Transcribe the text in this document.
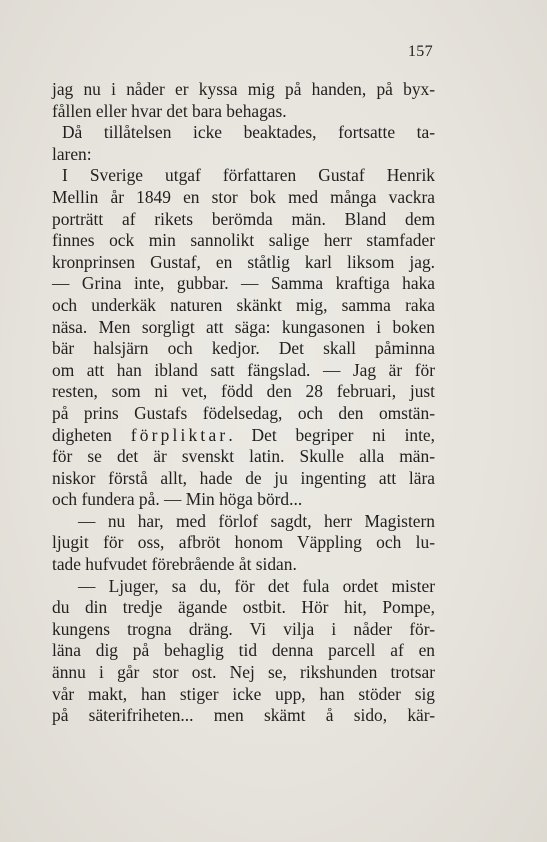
157
jag nu i nåder er kyssa mig på handen, på byx-
fållen eller hvar det bara behagas.
Då tillåtelsen icke beaktades, fortsatte ta-
laren:
I Sverige utgaf författaren Gustaf Henrik
Mellin år 1849 en stor bok med många vackra
porträtt af rikets berömda män. Bland dem
finnes ock min sannolikt salige herr stamfader
kronprinsen Gustaf, en ståtlig karl liksom jag.
— Grina inte, gubbar. — Samma kraftiga haka
och underkäk naturen skänkt mig, samma raka
näsa. Men sorgligt att säga: kungasonen i boken
bär halsjärn och kedjor. Det skall påminna
om att han ibland satt fängslad. — Jag är för
resten, som ni vet, född den 28 februari, just
på prins Gustafs födelsedag, och den omstän-
digheten förpliktar. Det begriper ni inte,
för se det är svenskt latin. Skulle alla män-
niskor förstå allt, hade de ju ingenting att lära
och fundera på. — Min höga börd...
— nu har, med förlof sagdt, herr Magistern
ljugit för oss, afbröt honom Väppling och lu-
tade hufvudet förebrående åt sidan.
— Ljuger, sa du, för det fula ordet mister
du din tredje ägande ostbit. Hör hit, Pompe,
kungens trogna dräng. Vi vilja i nåder för-
läna dig på behaglig tid denna parcell af en
ännu i går stor ost. Nej se, rikshunden trotsar
vår makt, han stiger icke upp, han stöder sig
på säterifriheten... men skämt å sido, kär-
